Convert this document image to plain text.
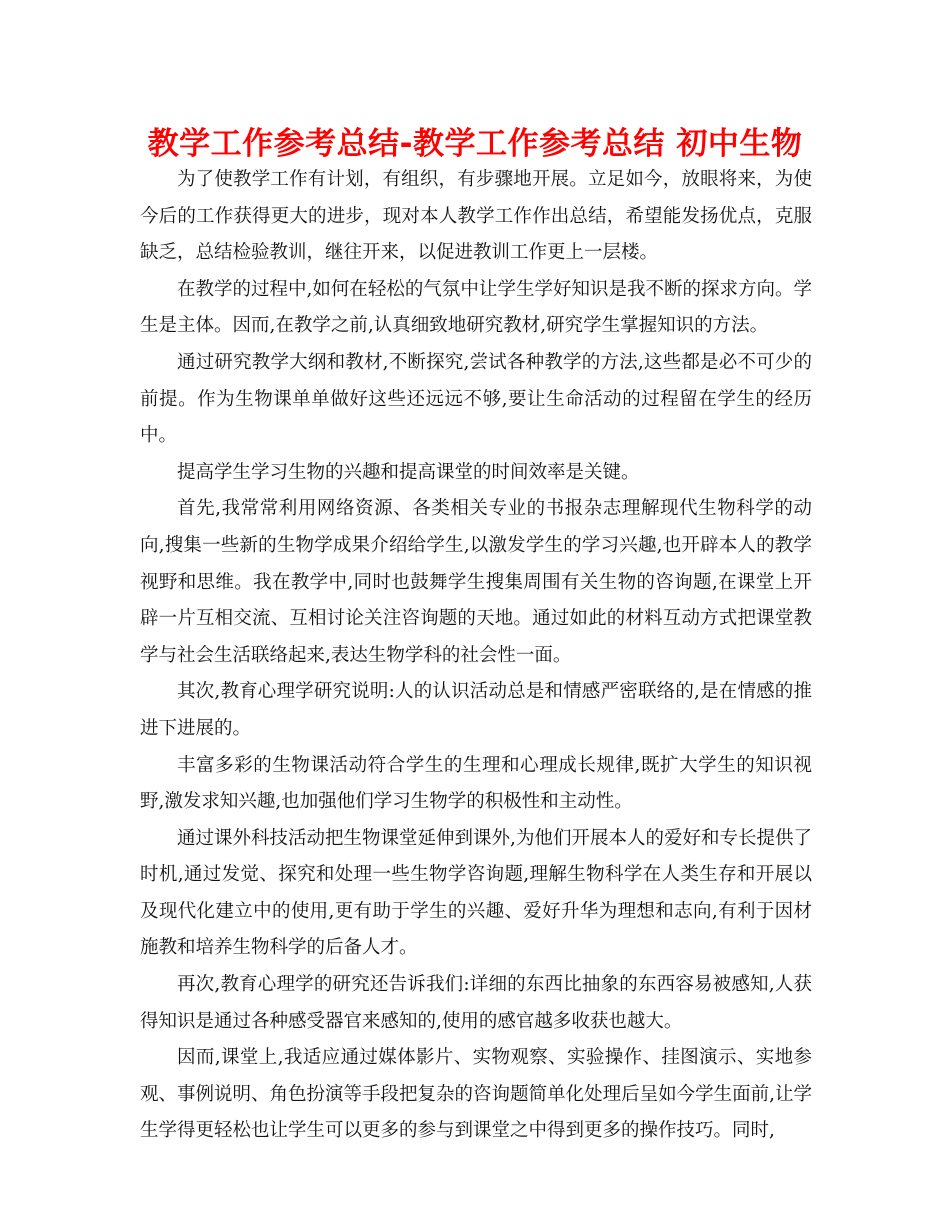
教学工作参考总结-教学工作参考总结 初中生物

为了使教学工作有计划，有组织，有步骤地开展。立足如今，放眼将来，为使今后的工作获得更大的进步，现对本人教学工作作出总结，希望能发扬优点，克服缺乏，总结检验教训，继往开来，以促进教训工作更上一层楼。

在教学的过程中,如何在轻松的气氛中让学生学好知识是我不断的探求方向。学生是主体。因而,在教学之前,认真细致地研究教材,研究学生掌握知识的方法。

通过研究教学大纲和教材,不断探究,尝试各种教学的方法,这些都是必不可少的前提。作为生物课单单做好这些还远远不够,要让生命活动的过程留在学生的经历中。

提高学生学习生物的兴趣和提高课堂的时间效率是关键。

首先,我常常利用网络资源、各类相关专业的书报杂志理解现代生物科学的动向,搜集一些新的生物学成果介绍给学生,以激发学生的学习兴趣,也开辟本人的教学视野和思维。我在教学中,同时也鼓舞学生搜集周围有关生物的咨询题,在课堂上开辟一片互相交流、互相讨论关注咨询题的天地。通过如此的材料互动方式把课堂教学与社会生活联络起来,表达生物学科的社会性一面。

其次,教育心理学研究说明:人的认识活动总是和情感严密联络的,是在情感的推进下进展的。

丰富多彩的生物课活动符合学生的生理和心理成长规律,既扩大学生的知识视野,激发求知兴趣,也加强他们学习生物学的积极性和主动性。

通过课外科技活动把生物课堂延伸到课外,为他们开展本人的爱好和专长提供了时机,通过发觉、探究和处理一些生物学咨询题,理解生物科学在人类生存和开展以及现代化建立中的使用,更有助于学生的兴趣、爱好升华为理想和志向,有利于因材施教和培养生物科学的后备人才。

再次,教育心理学的研究还告诉我们:详细的东西比抽象的东西容易被感知,人获得知识是通过各种感受器官来感知的,使用的感官越多收获也越大。

因而,课堂上,我适应通过媒体影片、实物观察、实验操作、挂图演示、实地参观、事例说明、角色扮演等手段把复杂的咨询题简单化处理后呈如今学生面前,让学生学得更轻松也让学生可以更多的参与到课堂之中得到更多的操作技巧。同时,
